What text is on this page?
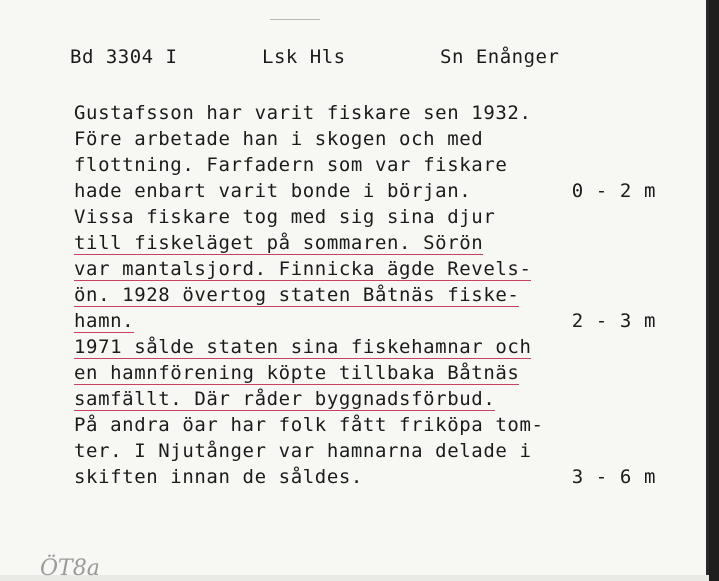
Bd 3304 I	Lsk Hls	Sn Enånger
Gustafsson har varit fiskare sen 1932.
Före arbetade han i skogen och med
flottning. Farfadern som var fiskare
hade enbart varit bonde i början.	0 - 2 m
Vissa fiskare tog med sig sina djur
till fiskeläget på sommaren. Sörön
var mantalsjord. Finnicka ägde Revels-
ön. 1928 övertog staten Båtnäs fiske-
hamn.	2 - 3 m
1971 sålde staten sina fiskehamnar och
en hamnförening köpte tillbaka Båtnäs
samfällt. Där råder byggnadsförbud.
På andra öar har folk fått friköpa tom-
ter. I Njutånger var hamnarna delade i
skiften innan de såldes.	3 - 6 m
ÖT8a
